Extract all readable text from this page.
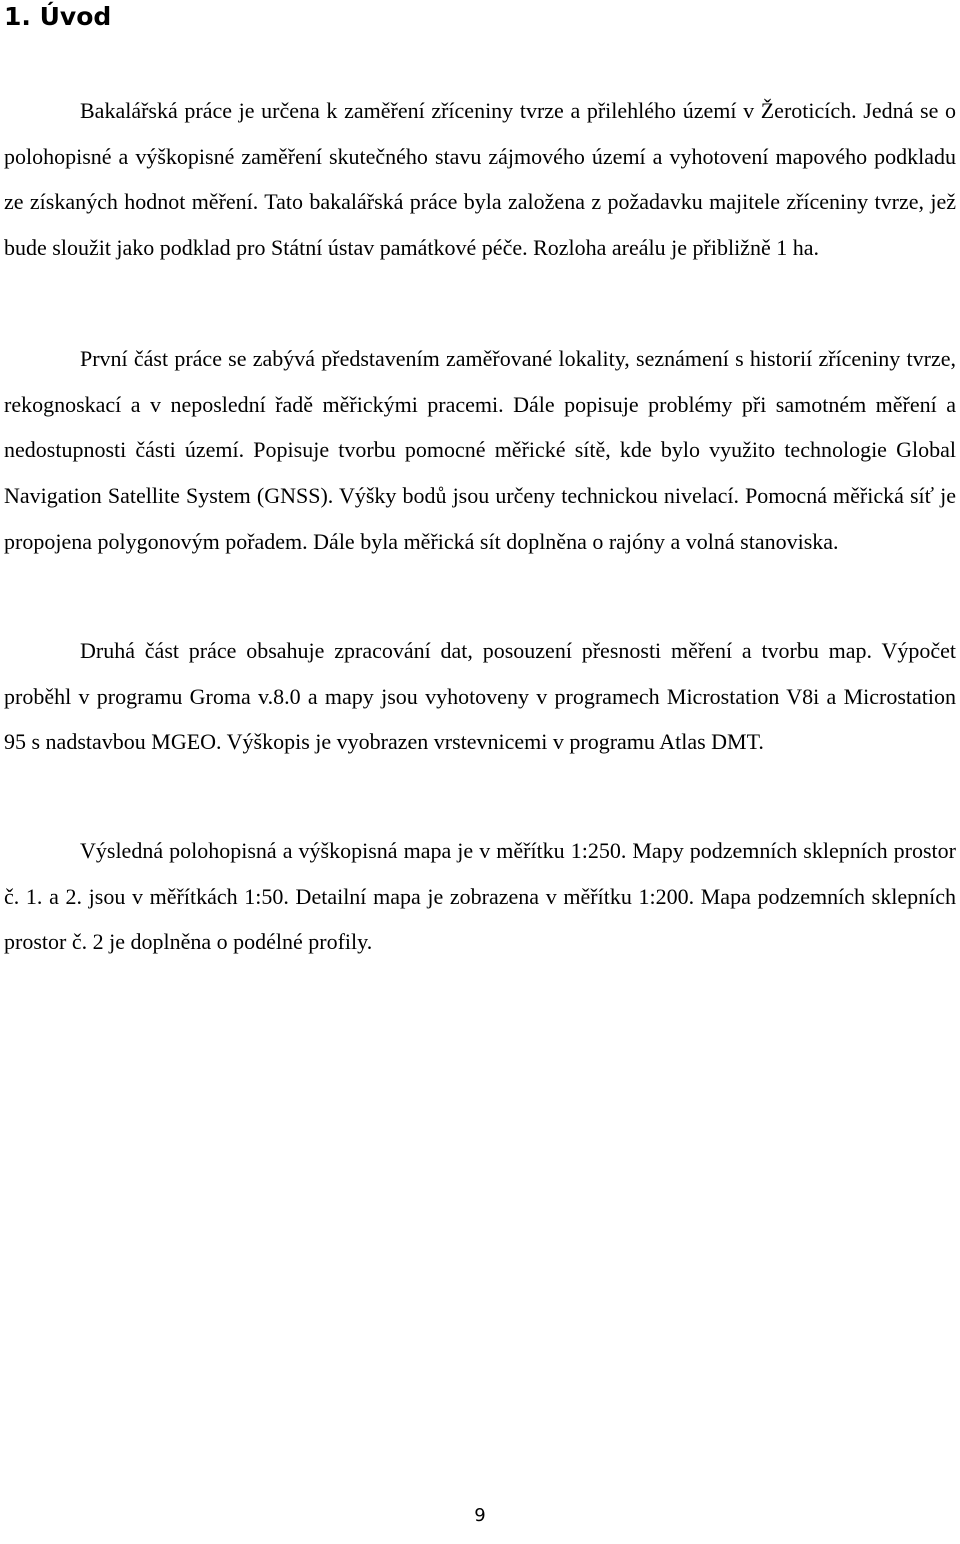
1. Úvod

Bakalářská práce je určena k zaměření zříceniny tvrze a přilehlého území v Žeroticích. Jedná se o polohopisné a výškopisné zaměření skutečného stavu zájmového území a vyhotovení mapového podkladu ze získaných hodnot měření. Tato bakalářská práce byla založena z požadavku majitele zříceniny tvrze, jež bude sloužit jako podklad pro Státní ústav památkové péče. Rozloha areálu je přibližně 1 ha.

První část práce se zabývá představením zaměřované lokality, seznámení s historií zříceniny tvrze, rekognoskací a v neposlední řadě měřickými pracemi. Dále popisuje problémy při samotném měření a nedostupnosti části území. Popisuje tvorbu pomocné měřické sítě, kde bylo využito technologie Global Navigation Satellite System (GNSS). Výšky bodů jsou určeny technickou nivelací. Pomocná měřická síť je propojena polygonovým pořadem. Dále byla měřická sít doplněna o rajóny a volná stanoviska.

Druhá část práce obsahuje zpracování dat, posouzení přesnosti měření a tvorbu map. Výpočet proběhl v programu Groma v.8.0 a mapy jsou vyhotoveny v programech Microstation V8i a Microstation 95 s nadstavbou MGEO. Výškopis je vyobrazen vrstevnicemi v programu Atlas DMT.

Výsledná polohopisná a výškopisná mapa je v měřítku 1:250. Mapy podzemních sklepních prostor č. 1. a 2. jsou v měřítkách 1:50. Detailní mapa je zobrazena v měřítku 1:200. Mapa podzemních sklepních prostor č. 2 je doplněna o podélné profily.

9
